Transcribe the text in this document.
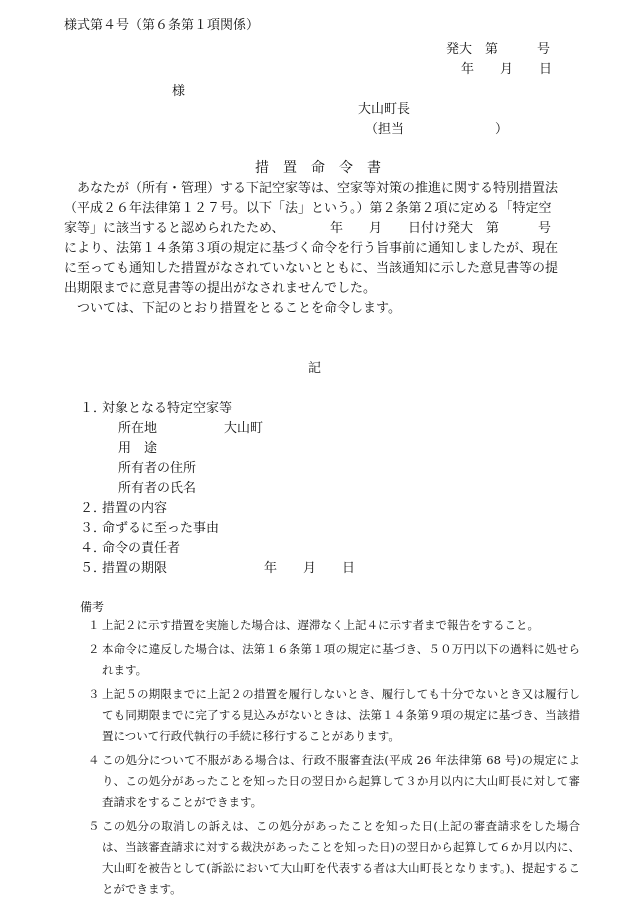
様式第４号（第６条第１項関係）
発大　第　　　号
年　　月　　日
様
大山町長
（担当　　　　　　　）
措　置　命　令　書

　あなたが（所有・管理）する下記空家等は、空家等対策の推進に関する特別措置法

（平成２６年法律第１２７号。以下「法」という。）第２条第２項に定める「特定空

家等」に該当すると認められたため、　　　　年　　月　　日付け発大　第　　　号

により、法第１４条第３項の規定に基づく命令を行う旨事前に通知しましたが、現在

に至っても通知した措置がなされていないとともに、当該通知に示した意見書等の提

出期限までに意見書等の提出がなされませんでした。

　ついては、下記のとおり措置をとることを命令します。

記
１．対象となる特定空家等
所在地	大山町
用　途
所有者の住所
所有者の氏名
２．措置の内容
３．命ずるに至った事由
４．命令の責任者
５．措置の期限	年　　月　　日
備考
１ 上記２に示す措置を実施した場合は、遅滞なく上記４に示す者まで報告をすること。
２ 本命令に違反した場合は、法第１６条第１項の規定に基づき、５０万円以下の過料に処せられます。
３ 上記５の期限までに上記２の措置を履行しないとき、履行しても十分でないとき又は履行しても同期限までに完了する見込みがないときは、法第１４条第９項の規定に基づき、当該措置について行政代執行の手続に移行することがあります。
４ この処分について不服がある場合は、行政不服審査法(平成 26 年法律第 68 号)の規定により、この処分があったことを知った日の翌日から起算して３か月以内に大山町長に対して審査請求をすることができます。
５ この処分の取消しの訴えは、この処分があったことを知った日(上記の審査請求をした場合は、当該審査請求に対する裁決があったことを知った日)の翌日から起算して６か月以内に、大山町を被告として(訴訟において大山町を代表する者は大山町長となります。)、提起することができます。
